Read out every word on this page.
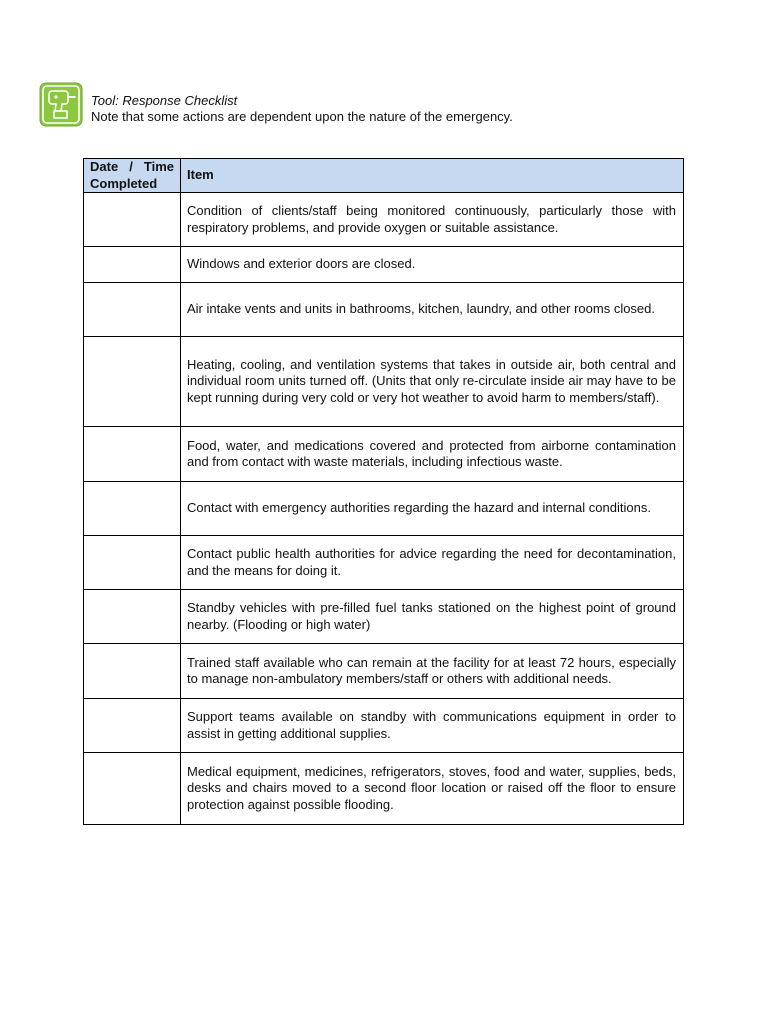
Tool: Response Checklist
Note that some actions are dependent upon the nature of the emergency.
Date / Time
Completed	Item
	Condition of clients/staff being monitored continuously, particularly those with respiratory problems, and provide oxygen or suitable assistance.
	Windows and exterior doors are closed.
	Air intake vents and units in bathrooms, kitchen, laundry, and other rooms closed.
	Heating, cooling, and ventilation systems that takes in outside air, both central and individual room units turned off. (Units that only re-circulate inside air may have to be kept running during very cold or very hot weather to avoid harm to members/staff).
	Food, water, and medications covered and protected from airborne contamination and from contact with waste materials, including infectious waste.
	Contact with emergency authorities regarding the hazard and internal conditions.
	Contact public health authorities for advice regarding the need for decontamination, and the means for doing it.
	Standby vehicles with pre-filled fuel tanks stationed on the highest point of ground nearby. (Flooding or high water)
	Trained staff available who can remain at the facility for at least 72 hours, especially to manage non-ambulatory members/staff or others with additional needs.
	Support teams available on standby with communications equipment in order to assist in getting additional supplies.
	Medical equipment, medicines, refrigerators, stoves, food and water, supplies, beds, desks and chairs moved to a second floor location or raised off the floor to ensure protection against possible flooding.
